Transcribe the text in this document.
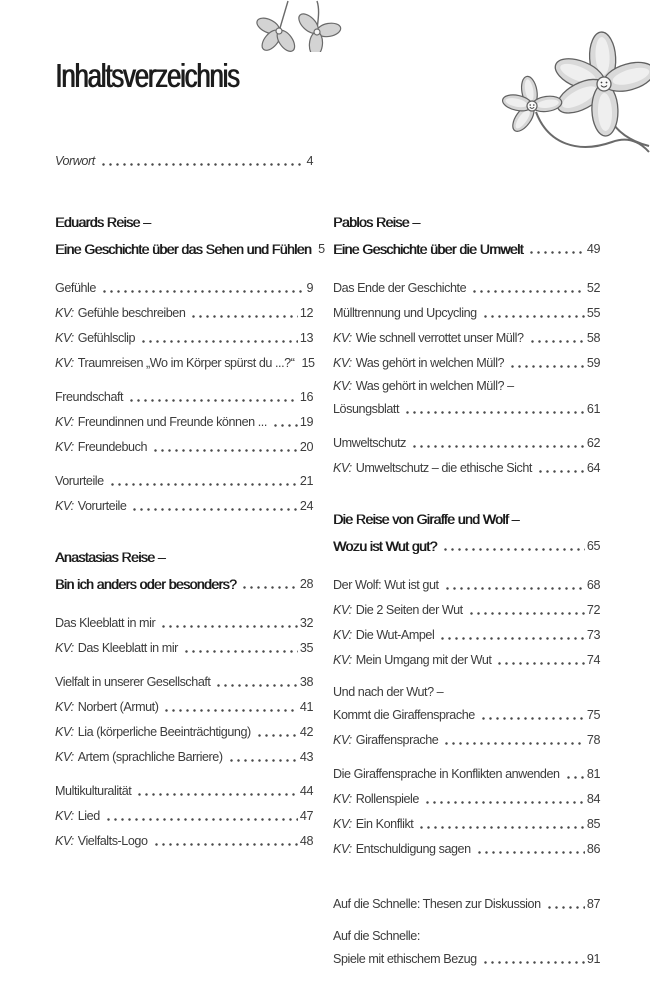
Inhaltsverzeichnis
Vorwort	4
Eduards Reise –
Eine Geschichte über das Sehen und Fühlen 5
Gefühle	9
KV: Gefühle beschreiben	12
KV: Gefühlsclip	13
KV: Traumreisen „Wo im Körper spürst du ...?“ 15
Freundschaft	16
KV: Freundinnen und Freunde können ...	19
KV: Freundebuch	20
Vorurteile	21
KV: Vorurteile	24
Anastasias Reise –
Bin ich anders oder besonders?	28
Das Kleeblatt in mir	32
KV: Das Kleeblatt in mir	35
Vielfalt in unserer Gesellschaft	38
KV: Norbert (Armut)	41
KV: Lia (körperliche Beeinträchtigung)	42
KV: Artem (sprachliche Barriere)	43
Multikulturalität	44
KV: Lied	47
KV: Vielfalts-Logo	48
Pablos Reise –
Eine Geschichte über die Umwelt	49
Das Ende der Geschichte	52
Mülltrennung und Upcycling	55
KV: Wie schnell verrottet unser Müll?	58
KV: Was gehört in welchen Müll?	59
KV: Was gehört in welchen Müll? –
Lösungsblatt	61
Umweltschutz	62
KV: Umweltschutz – die ethische Sicht	64
Die Reise von Giraffe und Wolf –
Wozu ist Wut gut?	65
Der Wolf: Wut ist gut	68
KV: Die 2 Seiten der Wut	72
KV: Die Wut-Ampel	73
KV: Mein Umgang mit der Wut	74
Und nach der Wut? –
Kommt die Giraffensprache	75
KV: Giraffensprache	78
Die Giraffensprache in Konflikten anwenden 81
KV: Rollenspiele	84
KV: Ein Konflikt	85
KV: Entschuldigung sagen	86
Auf die Schnelle: Thesen zur Diskussion	87
Auf die Schnelle:
Spiele mit ethischem Bezug	91
